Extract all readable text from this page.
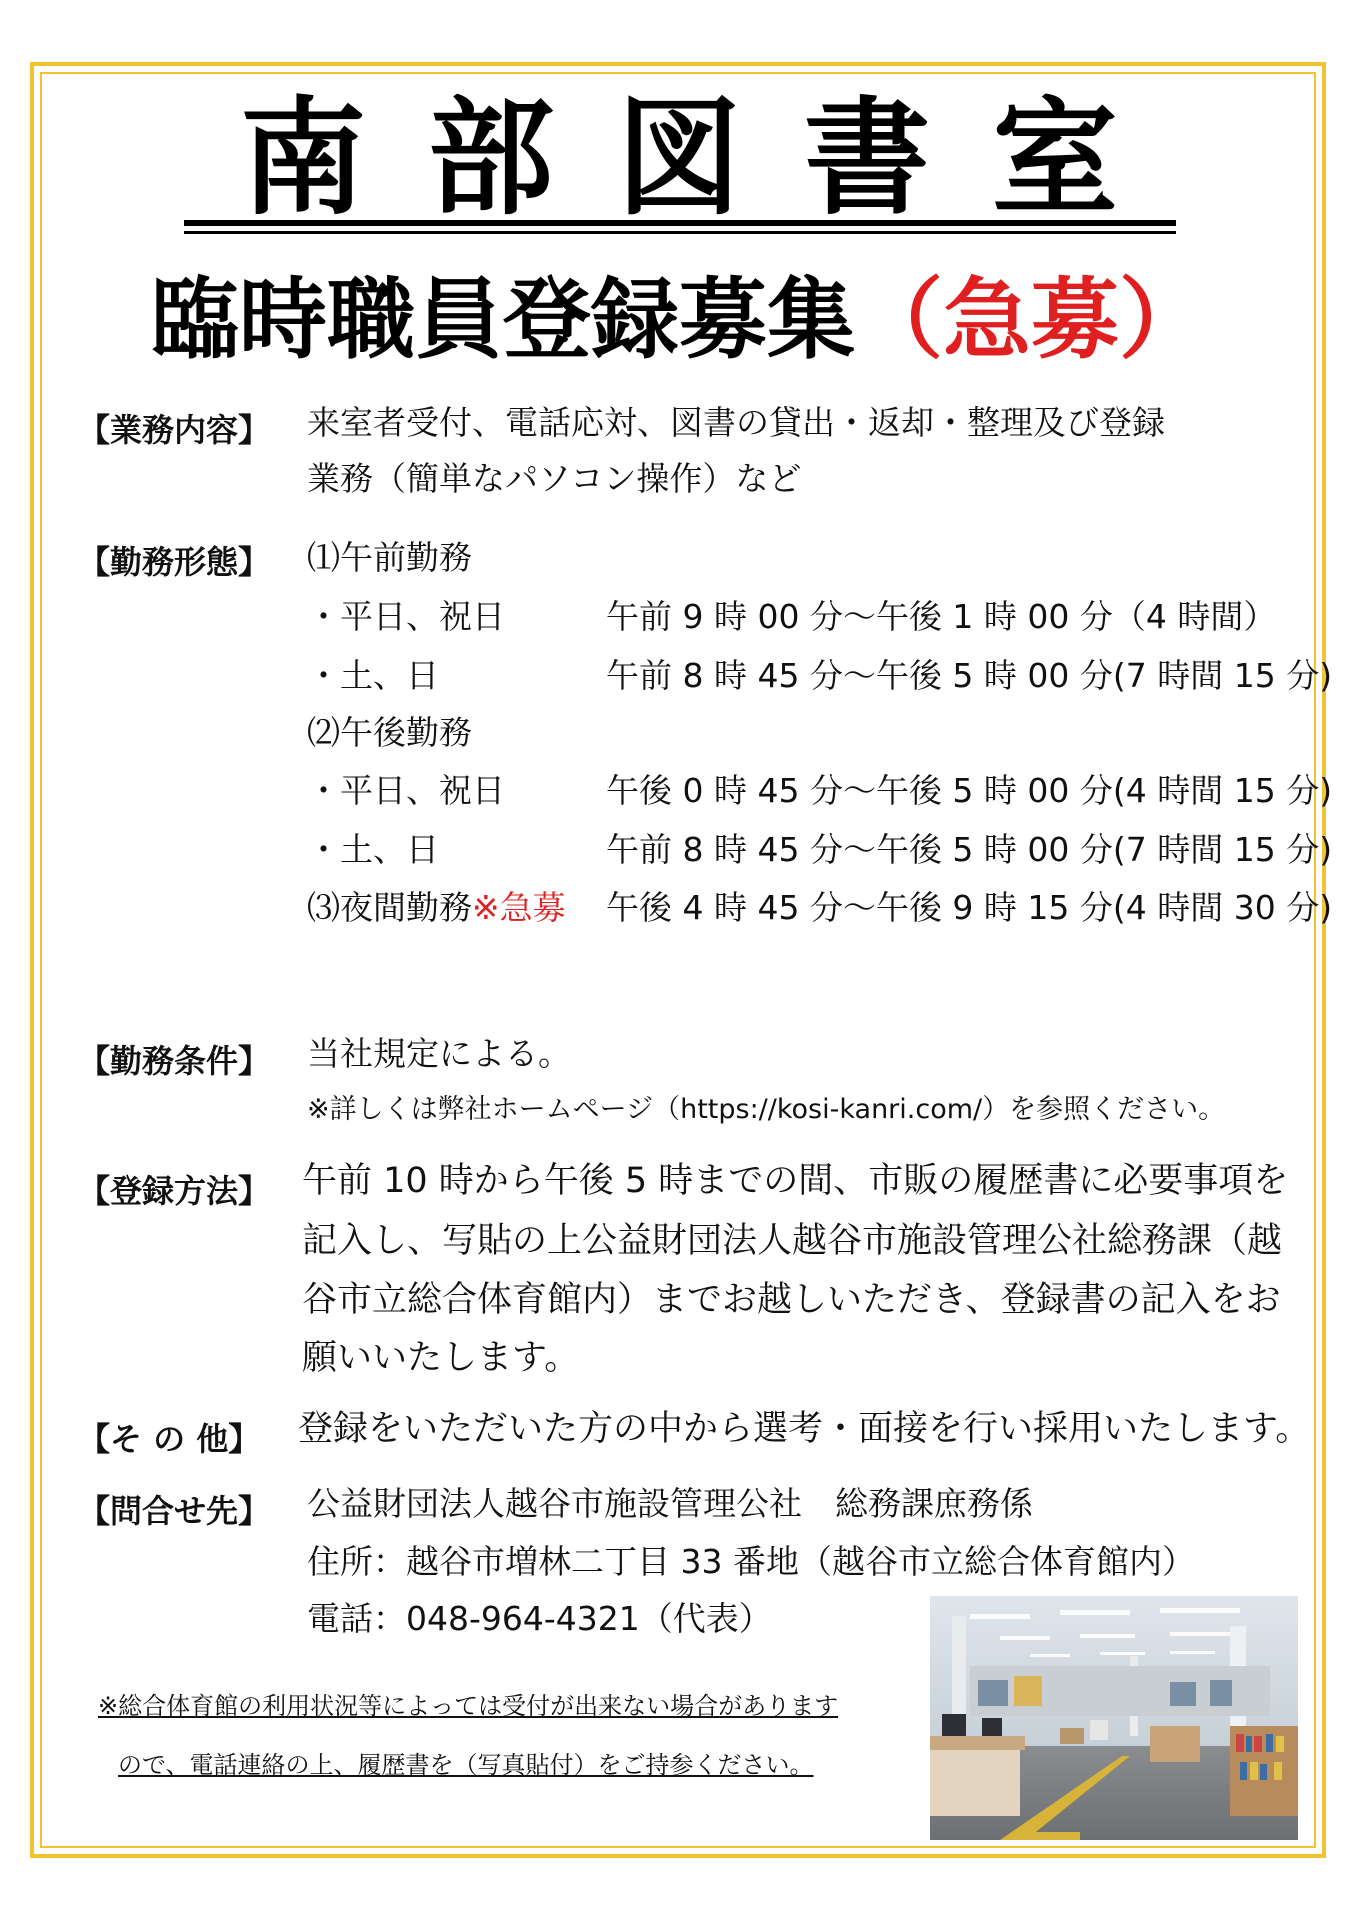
南部図書室
臨時職員登録募集（急募）
【業務内容】 来室者受付、電話応対、図書の貸出・返却・整理及び登録
業務（簡単なパソコン操作）など
【勤務形態】 ⑴午前勤務
・平日、祝日	午前 9 時 00 分～午後 1 時 00 分（4 時間）
・土、日	午前 8 時 45 分～午後 5 時 00 分(7 時間 15 分)
⑵午後勤務
・平日、祝日	午後 0 時 45 分～午後 5 時 00 分(4 時間 15 分)
・土、日	午前 8 時 45 分～午後 5 時 00 分(7 時間 15 分)
⑶夜間勤務※急募 午後 4 時 45 分～午後 9 時 15 分(4 時間 30 分)
【勤務条件】 当社規定による。
※詳しくは弊社ホームページ（https://kosi-kanri.com/）を参照ください。
【登録方法】 午前 10 時から午後 5 時までの間、市販の履歴書に必要事項を
記入し、写貼の上公益財団法人越谷市施設管理公社総務課（越
谷市立総合体育館内）までお越しいただき、登録書の記入をお
願いいたします。
【そ の 他】 登録をいただいた方の中から選考・面接を行い採用いたします。
【問合せ先】 公益財団法人越谷市施設管理公社　総務課庶務係
住所：越谷市増林二丁目 33 番地（越谷市立総合体育館内）
電話：048-964-4321（代表）
※総合体育館の利用状況等によっては受付が出来ない場合があります
ので、電話連絡の上、履歴書を（写真貼付）をご持参ください。
